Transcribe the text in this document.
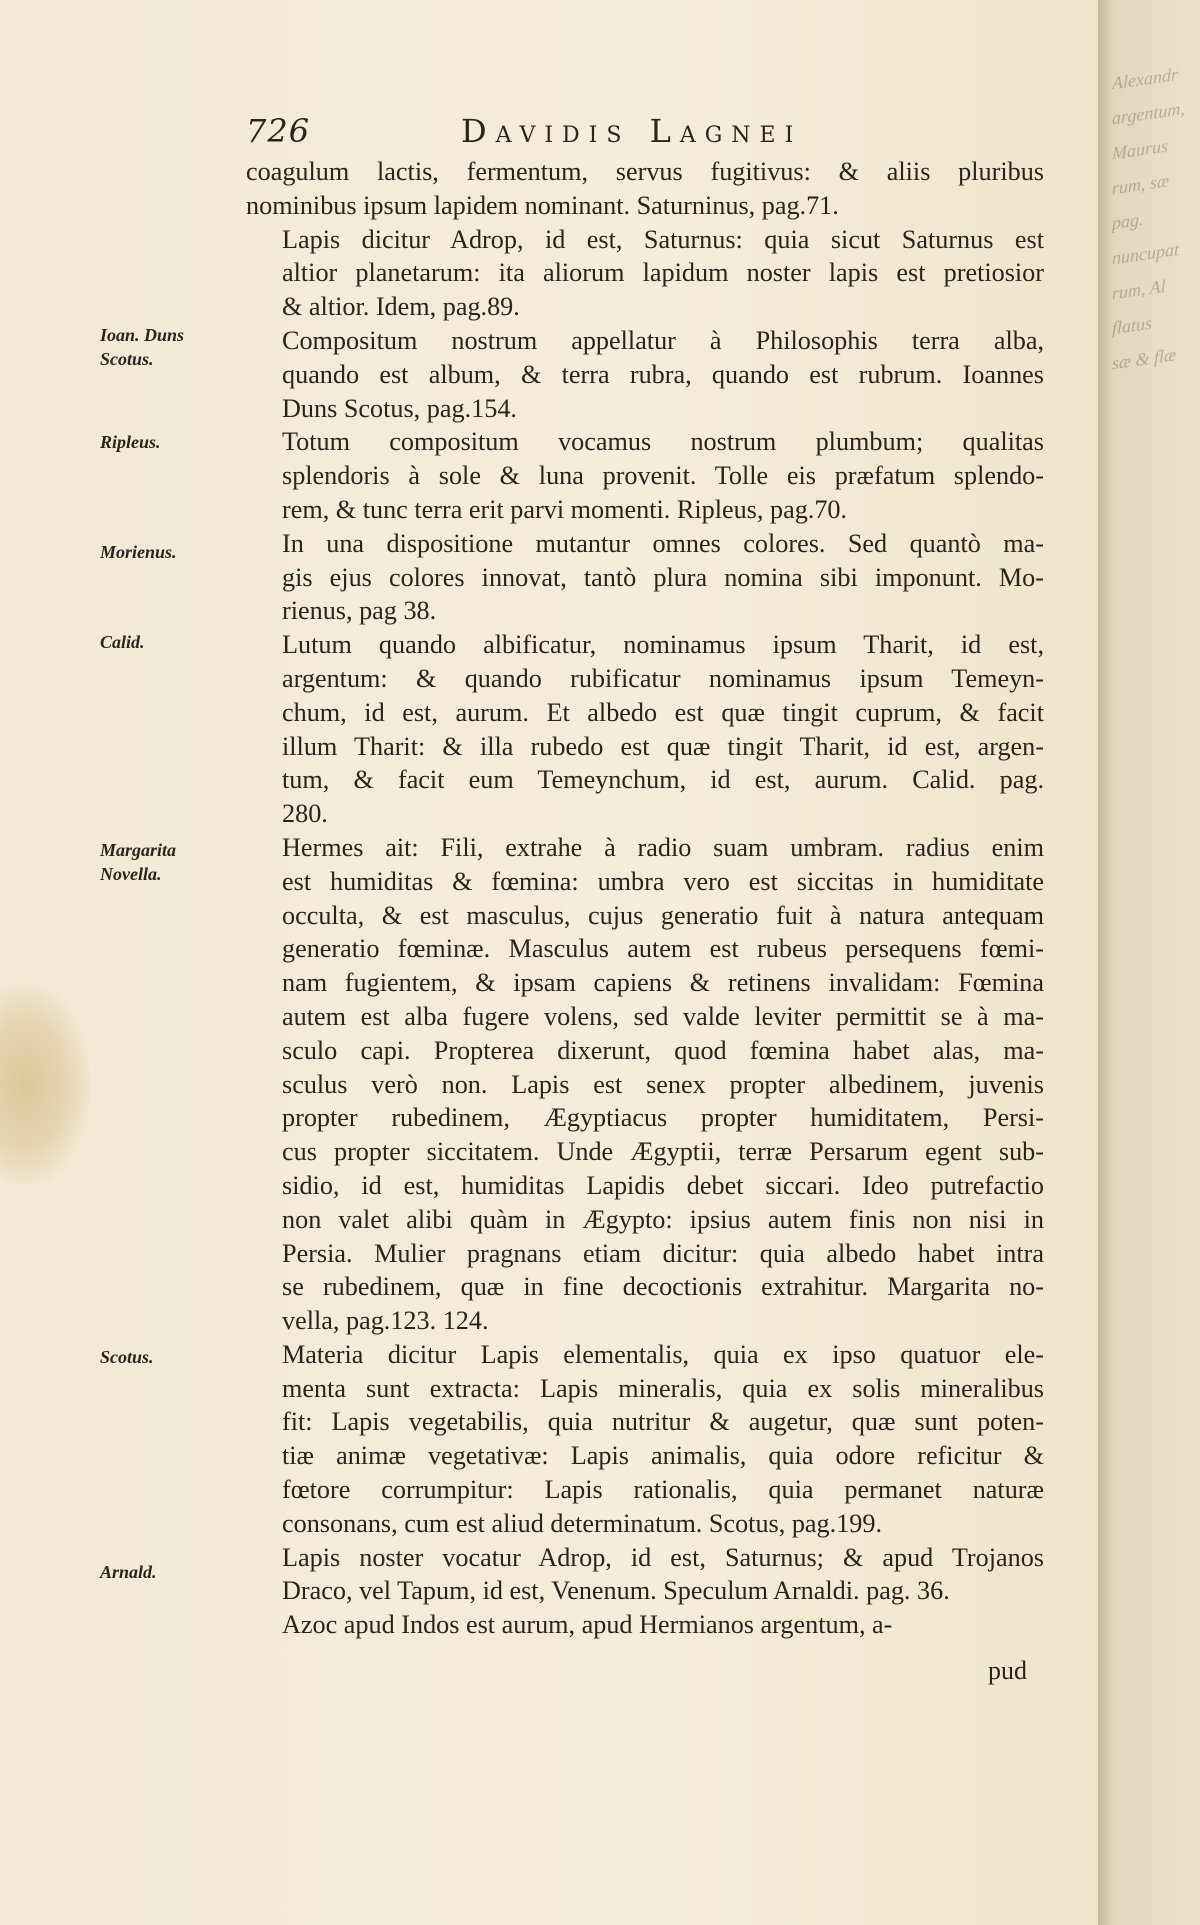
726	Davidis Lagnei
Ioan. Duns Scotus.
Ripleus.
Morienus.
Calid.
Margarita Novella.
Scotus.
Arnald.

coagulum lactis, fermentum, servus fugitivus: & aliis pluribus
nominibus ipsum lapidem nominant. Saturninus, pag.71.

Lapis dicitur Adrop, id est, Saturnus: quia sicut Saturnus est
altior planetarum: ita aliorum lapidum noster lapis est pretiosior
& altior. Idem, pag.89.

Compositum nostrum appellatur à Philosophis terra alba,
quando est album, & terra rubra, quando est rubrum. Ioannes
Duns Scotus, pag.154.

Totum compositum vocamus nostrum plumbum; qualitas
splendoris à sole & luna provenit. Tolle eis præfatum splendo-
rem, & tunc terra erit parvi momenti. Ripleus, pag.70.

In una dispositione mutantur omnes colores. Sed quantò ma-
gis ejus colores innovat, tantò plura nomina sibi imponunt. Mo-
rienus, pag 38.

Lutum quando albificatur, nominamus ipsum Tharit, id est,
argentum: & quando rubificatur nominamus ipsum Temeyn-
chum, id est, aurum. Et albedo est quæ tingit cuprum, & facit
illum Tharit: & illa rubedo est quæ tingit Tharit, id est, argen-
tum, & facit eum Temeynchum, id est, aurum. Calid. pag.
280.

Hermes ait: Fili, extrahe à radio suam umbram. radius enim
est humiditas & fœmina: umbra vero est siccitas in humiditate
occulta, & est masculus, cujus generatio fuit à natura antequam
generatio fœminæ. Masculus autem est rubeus persequens fœmi-
nam fugientem, & ipsam capiens & retinens invalidam: Fœmina
autem est alba fugere volens, sed valde leviter permittit se à ma-
sculo capi. Propterea dixerunt, quod fœmina habet alas, ma-
sculus verò non. Lapis est senex propter albedinem, juvenis
propter rubedinem, Ægyptiacus propter humiditatem, Persi-
cus propter siccitatem. Unde Ægyptii, terræ Persarum egent sub-
sidio, id est, humiditas Lapidis debet siccari. Ideo putrefactio
non valet alibi quàm in Ægypto: ipsius autem finis non nisi in
Persia. Mulier pragnans etiam dicitur: quia albedo habet intra
se rubedinem, quæ in fine decoctionis extrahitur. Margarita no-
vella, pag.123. 124.

Materia dicitur Lapis elementalis, quia ex ipso quatuor ele-
menta sunt extracta: Lapis mineralis, quia ex solis mineralibus
fit: Lapis vegetabilis, quia nutritur & augetur, quæ sunt poten-
tiæ animæ vegetativæ: Lapis animalis, quia odore reficitur &
fœtore corrumpitur: Lapis rationalis, quia permanet naturæ
consonans, cum est aliud determinatum. Scotus, pag.199.

Lapis noster vocatur Adrop, id est, Saturnus; & apud Trojanos
Draco, vel Tapum, id est, Venenum. Speculum Arnaldi. pag. 36.

Azoc apud Indos est aurum, apud Hermianos argentum, a-

pud
Alexandr
argentum,
Maurus
rum, sæ
pag.
nuncupat
rum, Al
flatus
sæ & flæ
